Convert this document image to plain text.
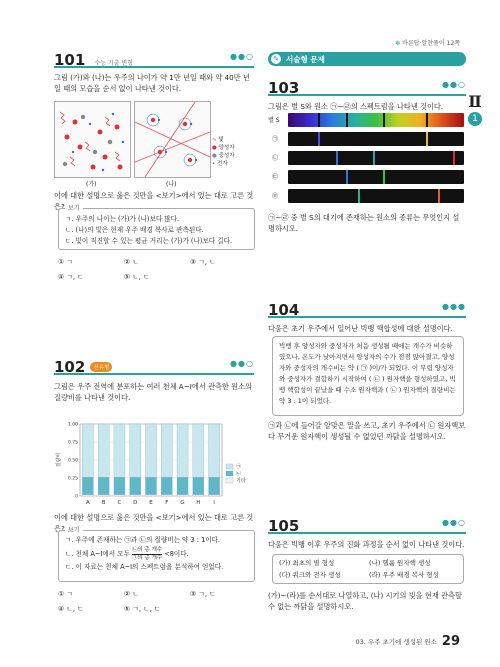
✻ 바른답·알찬풀이 12쪽
Ⅱ
1
101 수능 기출 변형
●●○
그림 (가)와 (나)는 우주의 나이가 약 1만 년일 때와 약 40만 년일 때의 모습을 순서 없이 나타낸 것이다.
∿ 빛
● 양성자
● 중성자
• 전자
(가)	(나)
이에 대한 설명으로 옳은 것만을 <보기>에서 있는 대로 고른 것은? 보기
ㄱ. 우주의 나이는 (가)가 (나)보다 많다.
ㄴ. (나)의 빛은 현재 우주 배경 복사로 관측된다.
ㄷ. 빛이 직진할 수 있는 평균 거리는 (가)가 (나)보다 길다.
① ㄱ	② ㄴ	③ ㄱ, ㄴ
④ ㄱ, ㄷ	⑤ ㄴ, ㄷ
102 신유형	●●○
그림은 우주 전역에 분포하는 여러 천체 A~I에서 관측한 원소의 질량비를 나타낸 것이다.
질량비
0
0.25
0.50
0.75
1.00
A B C D E F G H I
㉠
㉡
기타
이에 대한 설명으로 옳은 것만을 <보기>에서 있는 대로 고른 것은? 보기
ㄱ. 우주에 존재하는 ㉠과 ㉡의 질량비는 약 3 : 1이다.
ㄴ. 천체 A~I에서 모두 ㉡의 총 개수
㉠의 총 개수 <8이다.
ㄷ. 이 자료는 천체 A~I의 스펙트럼을 분석하여 얻었다.
① ㄱ	② ㄴ	③ ㄱ, ㄷ
④ ㄴ, ㄷ	⑤ ㄱ, ㄴ, ㄷ
✎ 서술형 문제
103	●●○
그림은 별 S와 원소 ㉠~㉣의 스펙트럼을 나타낸 것이다.
별 S
㉠
㉡
㉢
㉣
㉠~㉣ 중 별 S의 대기에 존재하는 원소의 종류는 무엇인지 설명하시오.
104	●●●
다음은 초기 우주에서 일어난 빅뱅 핵합성에 대한 설명이다.
빅뱅 후 양성자와 중성자가 처음 생성될 때에는 개수가 비슷하였으나, 온도가 낮아지면서 양성자의 수가 점점 많아졌고, 양성자와 중성자의 개수비는 약 ( ㉠ )이/가 되었다. 이 무렵 양성자와 중성자가 결합하기 시작하여 ( ㉡ ) 원자핵을 형성하였고, 빅뱅 핵합성이 끝났을 때 수소 원자핵과 ( ㉡ ) 원자핵의 질량비는 약 3 : 1이 되었다.
㉠과 ㉡에 들어갈 알맞은 말을 쓰고, 초기 우주에서 ㉡ 원자핵보다 무거운 원자핵이 생성될 수 없었던 까닭을 설명하시오.
105	●●○
다음은 빅뱅 이후 우주의 진화 과정을 순서 없이 나타낸 것이다.
(가) 최초의 별 형성	(나) 헬륨 원자핵 생성
(다) 쿼크와 전자 생성	(라) 우주 배경 복사 형성
(가)~(라)를 순서대로 나열하고, (나) 시기의 빛을 현재 관측할 수 없는 까닭을 설명하시오.
03. 우주 초기에 생성된 원소 29
